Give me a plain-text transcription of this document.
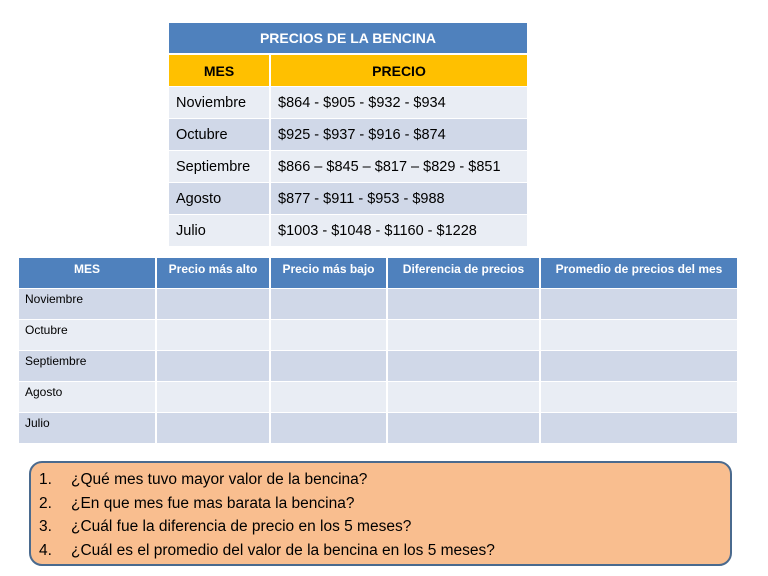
PRECIOS DE LA BENCINA	
MES	PRECIO
Noviembre	$864 - $905 - $932 - $934
Octubre	$925 - $937 - $916 - $874
Septiembre	$866 – $845 – $817 – $829 - $851
Agosto	$877 - $911 - $953 - $988
Julio	$1003 - $1048 - $1160 - $1228
MES	Precio más alto	Precio más bajo	Diferencia de precios	Promedio de precios del mes
Noviembre				
Octubre				
Septiembre				
Agosto				
Julio				
1.	¿Qué mes tuvo mayor valor de la bencina?
2.	¿En que mes fue mas barata la bencina?
3.	¿Cuál fue la diferencia de precio en los 5 meses?
4.	¿Cuál es el promedio del valor de la bencina en los 5 meses?
